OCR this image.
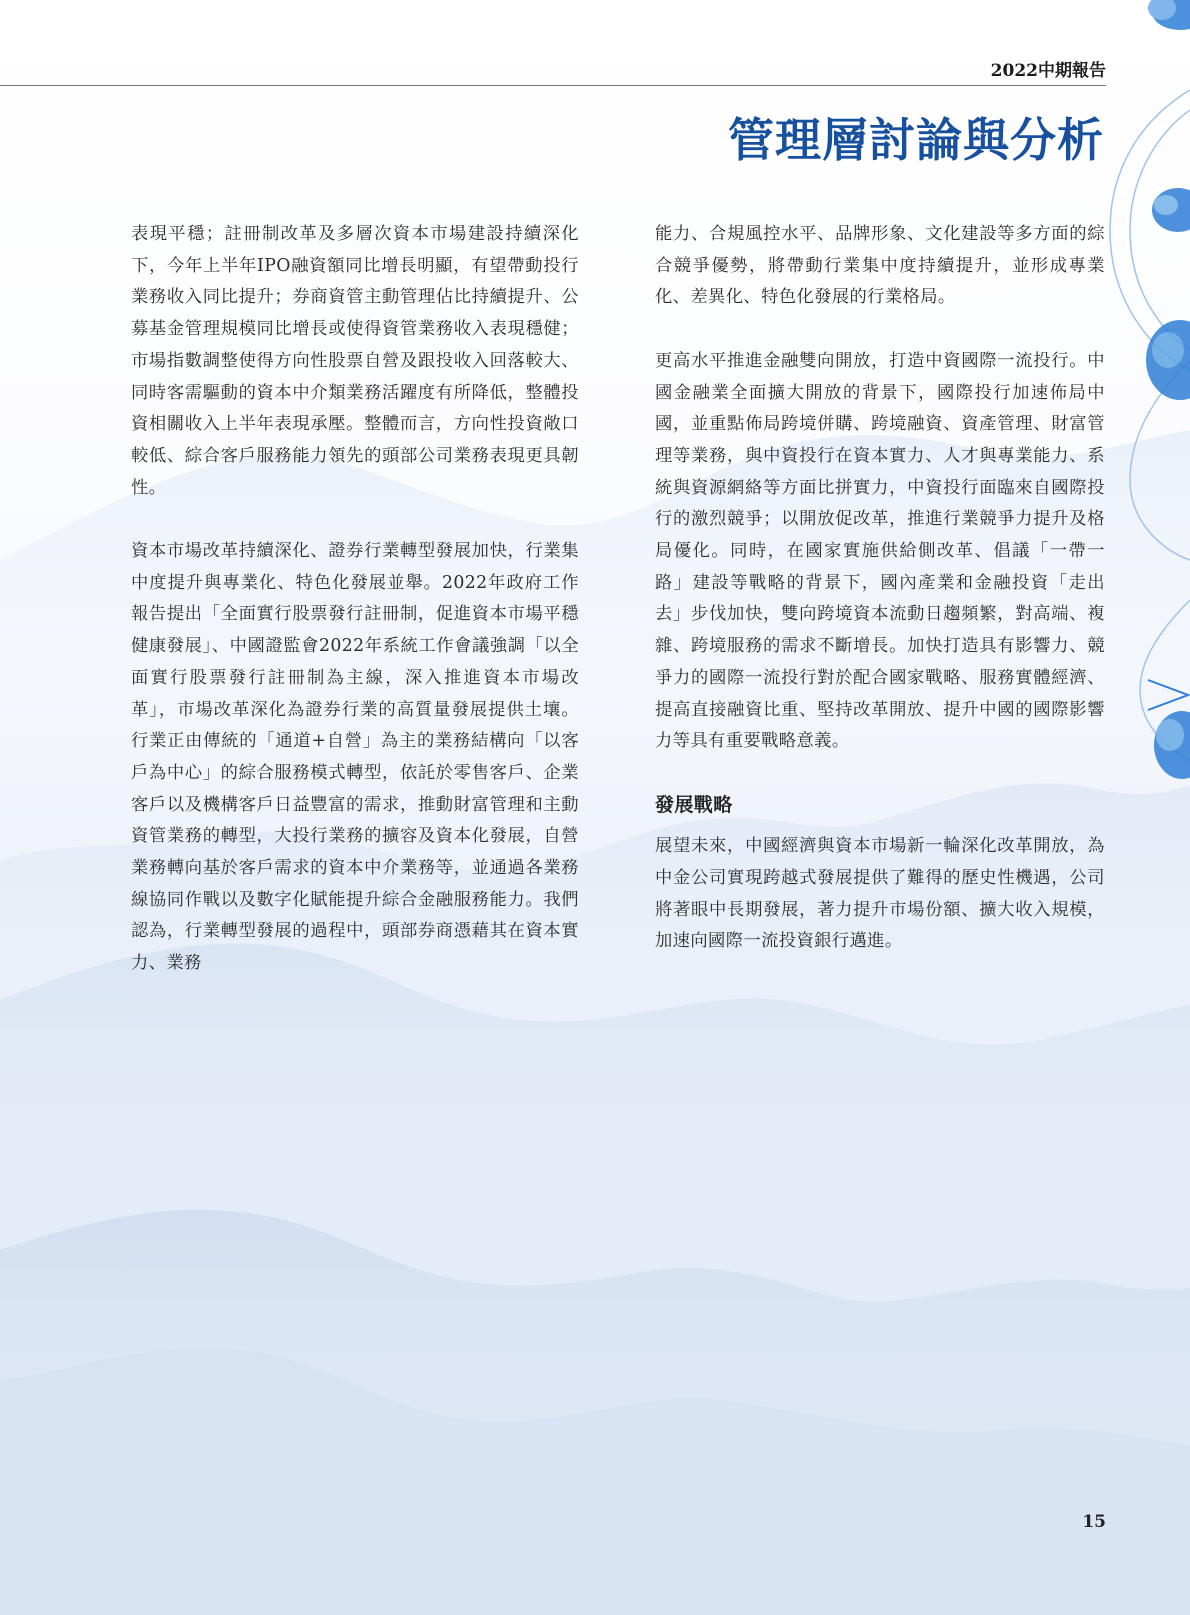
2022中期報告
管理層討論與分析

表現平穩；註冊制改革及多層次資本市場建設持續深化下，今年上半年IPO融資額同比增長明顯，有望帶動投行業務收入同比提升；券商資管主動管理佔比持續提升、公募基金管理規模同比增長或使得資管業務收入表現穩健；市場指數調整使得方向性股票自營及跟投收入回落較大、同時客需驅動的資本中介類業務活躍度有所降低，整體投資相關收入上半年表現承壓。整體而言，方向性投資敞口較低、綜合客戶服務能力領先的頭部公司業務表現更具韌性。

資本市場改革持續深化、證券行業轉型發展加快，行業集中度提升與專業化、特色化發展並舉。2022年政府工作報告提出「全面實行股票發行註冊制，促進資本市場平穩健康發展」、中國證監會2022年系統工作會議強調「以全面實行股票發行註冊制為主線，深入推進資本市場改革」，市場改革深化為證券行業的高質量發展提供土壤。行業正由傳統的「通道+自營」為主的業務結構向「以客戶為中心」的綜合服務模式轉型，依託於零售客戶、企業客戶以及機構客戶日益豐富的需求，推動財富管理和主動資管業務的轉型，大投行業務的擴容及資本化發展，自營業務轉向基於客戶需求的資本中介業務等，並通過各業務線協同作戰以及數字化賦能提升綜合金融服務能力。我們認為，行業轉型發展的過程中，頭部券商憑藉其在資本實力、業務

能力、合規風控水平、品牌形象、文化建設等多方面的綜合競爭優勢，將帶動行業集中度持續提升，並形成專業化、差異化、特色化發展的行業格局。

更高水平推進金融雙向開放，打造中資國際一流投行。中國金融業全面擴大開放的背景下，國際投行加速佈局中國，並重點佈局跨境併購、跨境融資、資產管理、財富管理等業務，與中資投行在資本實力、人才與專業能力、系統與資源網絡等方面比拼實力，中資投行面臨來自國際投行的激烈競爭；以開放促改革，推進行業競爭力提升及格局優化。同時，在國家實施供給側改革、倡議「一帶一路」建設等戰略的背景下，國內產業和金融投資「走出去」步伐加快，雙向跨境資本流動日趨頻繁，對高端、複雜、跨境服務的需求不斷增長。加快打造具有影響力、競爭力的國際一流投行對於配合國家戰略、服務實體經濟、提高直接融資比重、堅持改革開放、提升中國的國際影響力等具有重要戰略意義。

發展戰略

展望未來，中國經濟與資本市場新一輪深化改革開放，為中金公司實現跨越式發展提供了難得的歷史性機遇，公司將著眼中長期發展，著力提升市場份額、擴大收入規模，加速向國際一流投資銀行邁進。

15
